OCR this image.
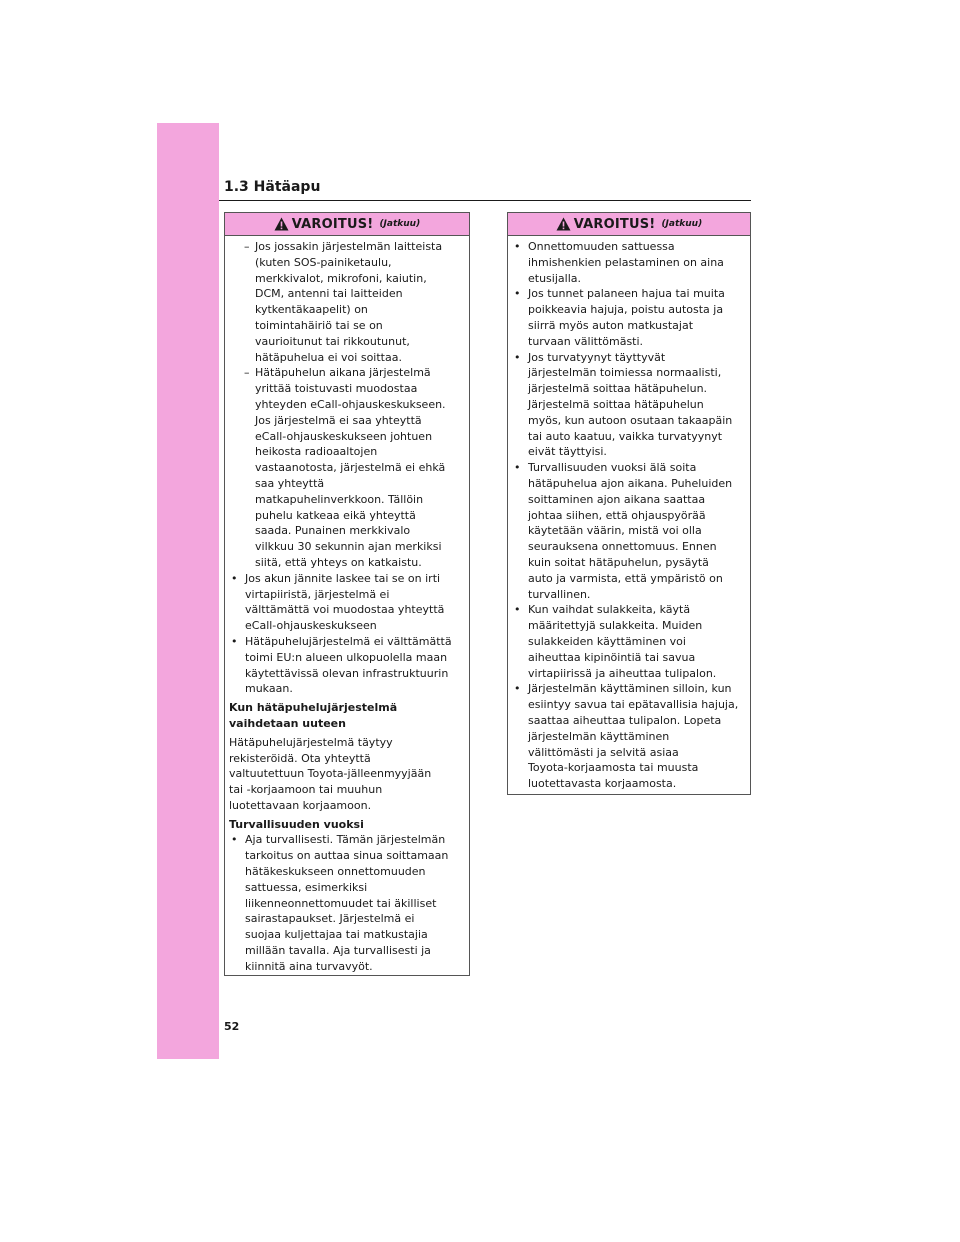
1.3 Hätäapu
VAROITUS! (Jatkuu)
– Jos jossakin järjestelmän laitteista
(kuten SOS-painiketaulu,
merkkivalot, mikrofoni, kaiutin,
DCM, antenni tai laitteiden
kytkentäkaapelit) on
toimintahäiriö tai se on
vaurioitunut tai rikkoutunut,
hätäpuhelua ei voi soittaa.
– Hätäpuhelun aikana järjestelmä
yrittää toistuvasti muodostaa
yhteyden eCall-ohjauskeskukseen.
Jos järjestelmä ei saa yhteyttä
eCall-ohjauskeskukseen johtuen
heikosta radioaaltojen
vastaanotosta, järjestelmä ei ehkä
saa yhteyttä
matkapuhelinverkkoon. Tällöin
puhelu katkeaa eikä yhteyttä
saada. Punainen merkkivalo
vilkkuu 30 sekunnin ajan merkiksi
siitä, että yhteys on katkaistu.
• Jos akun jännite laskee tai se on irti
virtapiiristä, järjestelmä ei
välttämättä voi muodostaa yhteyttä
eCall-ohjauskeskukseen
• Hätäpuhelujärjestelmä ei välttämättä
toimi EU:n alueen ulkopuolella maan
käytettävissä olevan infrastruktuurin
mukaan.
Kun hätäpuhelujärjestelmä
vaihdetaan uuteen
Hätäpuhelujärjestelmä täytyy
rekisteröidä. Ota yhteyttä
valtuutettuun Toyota-jälleenmyyjään
tai -korjaamoon tai muuhun
luotettavaan korjaamoon.
Turvallisuuden vuoksi
• Aja turvallisesti. Tämän järjestelmän
tarkoitus on auttaa sinua soittamaan
hätäkeskukseen onnettomuuden
sattuessa, esimerkiksi
liikenneonnettomuudet tai äkilliset
sairastapaukset. Järjestelmä ei
suojaa kuljettajaa tai matkustajia
millään tavalla. Aja turvallisesti ja
kiinnitä aina turvavyöt.
VAROITUS! (Jatkuu)
• Onnettomuuden sattuessa
ihmishenkien pelastaminen on aina
etusijalla.
• Jos tunnet palaneen hajua tai muita
poikkeavia hajuja, poistu autosta ja
siirrä myös auton matkustajat
turvaan välittömästi.
• Jos turvatyynyt täyttyvät
järjestelmän toimiessa normaalisti,
järjestelmä soittaa hätäpuhelun.
Järjestelmä soittaa hätäpuhelun
myös, kun autoon osutaan takaapäin
tai auto kaatuu, vaikka turvatyynyt
eivät täyttyisi.
• Turvallisuuden vuoksi älä soita
hätäpuhelua ajon aikana. Puheluiden
soittaminen ajon aikana saattaa
johtaa siihen, että ohjauspyörää
käytetään väärin, mistä voi olla
seurauksena onnettomuus. Ennen
kuin soitat hätäpuhelun, pysäytä
auto ja varmista, että ympäristö on
turvallinen.
• Kun vaihdat sulakkeita, käytä
määritettyjä sulakkeita. Muiden
sulakkeiden käyttäminen voi
aiheuttaa kipinöintiä tai savua
virtapiirissä ja aiheuttaa tulipalon.
• Järjestelmän käyttäminen silloin, kun
esiintyy savua tai epätavallisia hajuja,
saattaa aiheuttaa tulipalon. Lopeta
järjestelmän käyttäminen
välittömästi ja selvitä asiaa
Toyota-korjaamosta tai muusta
luotettavasta korjaamosta.
52
